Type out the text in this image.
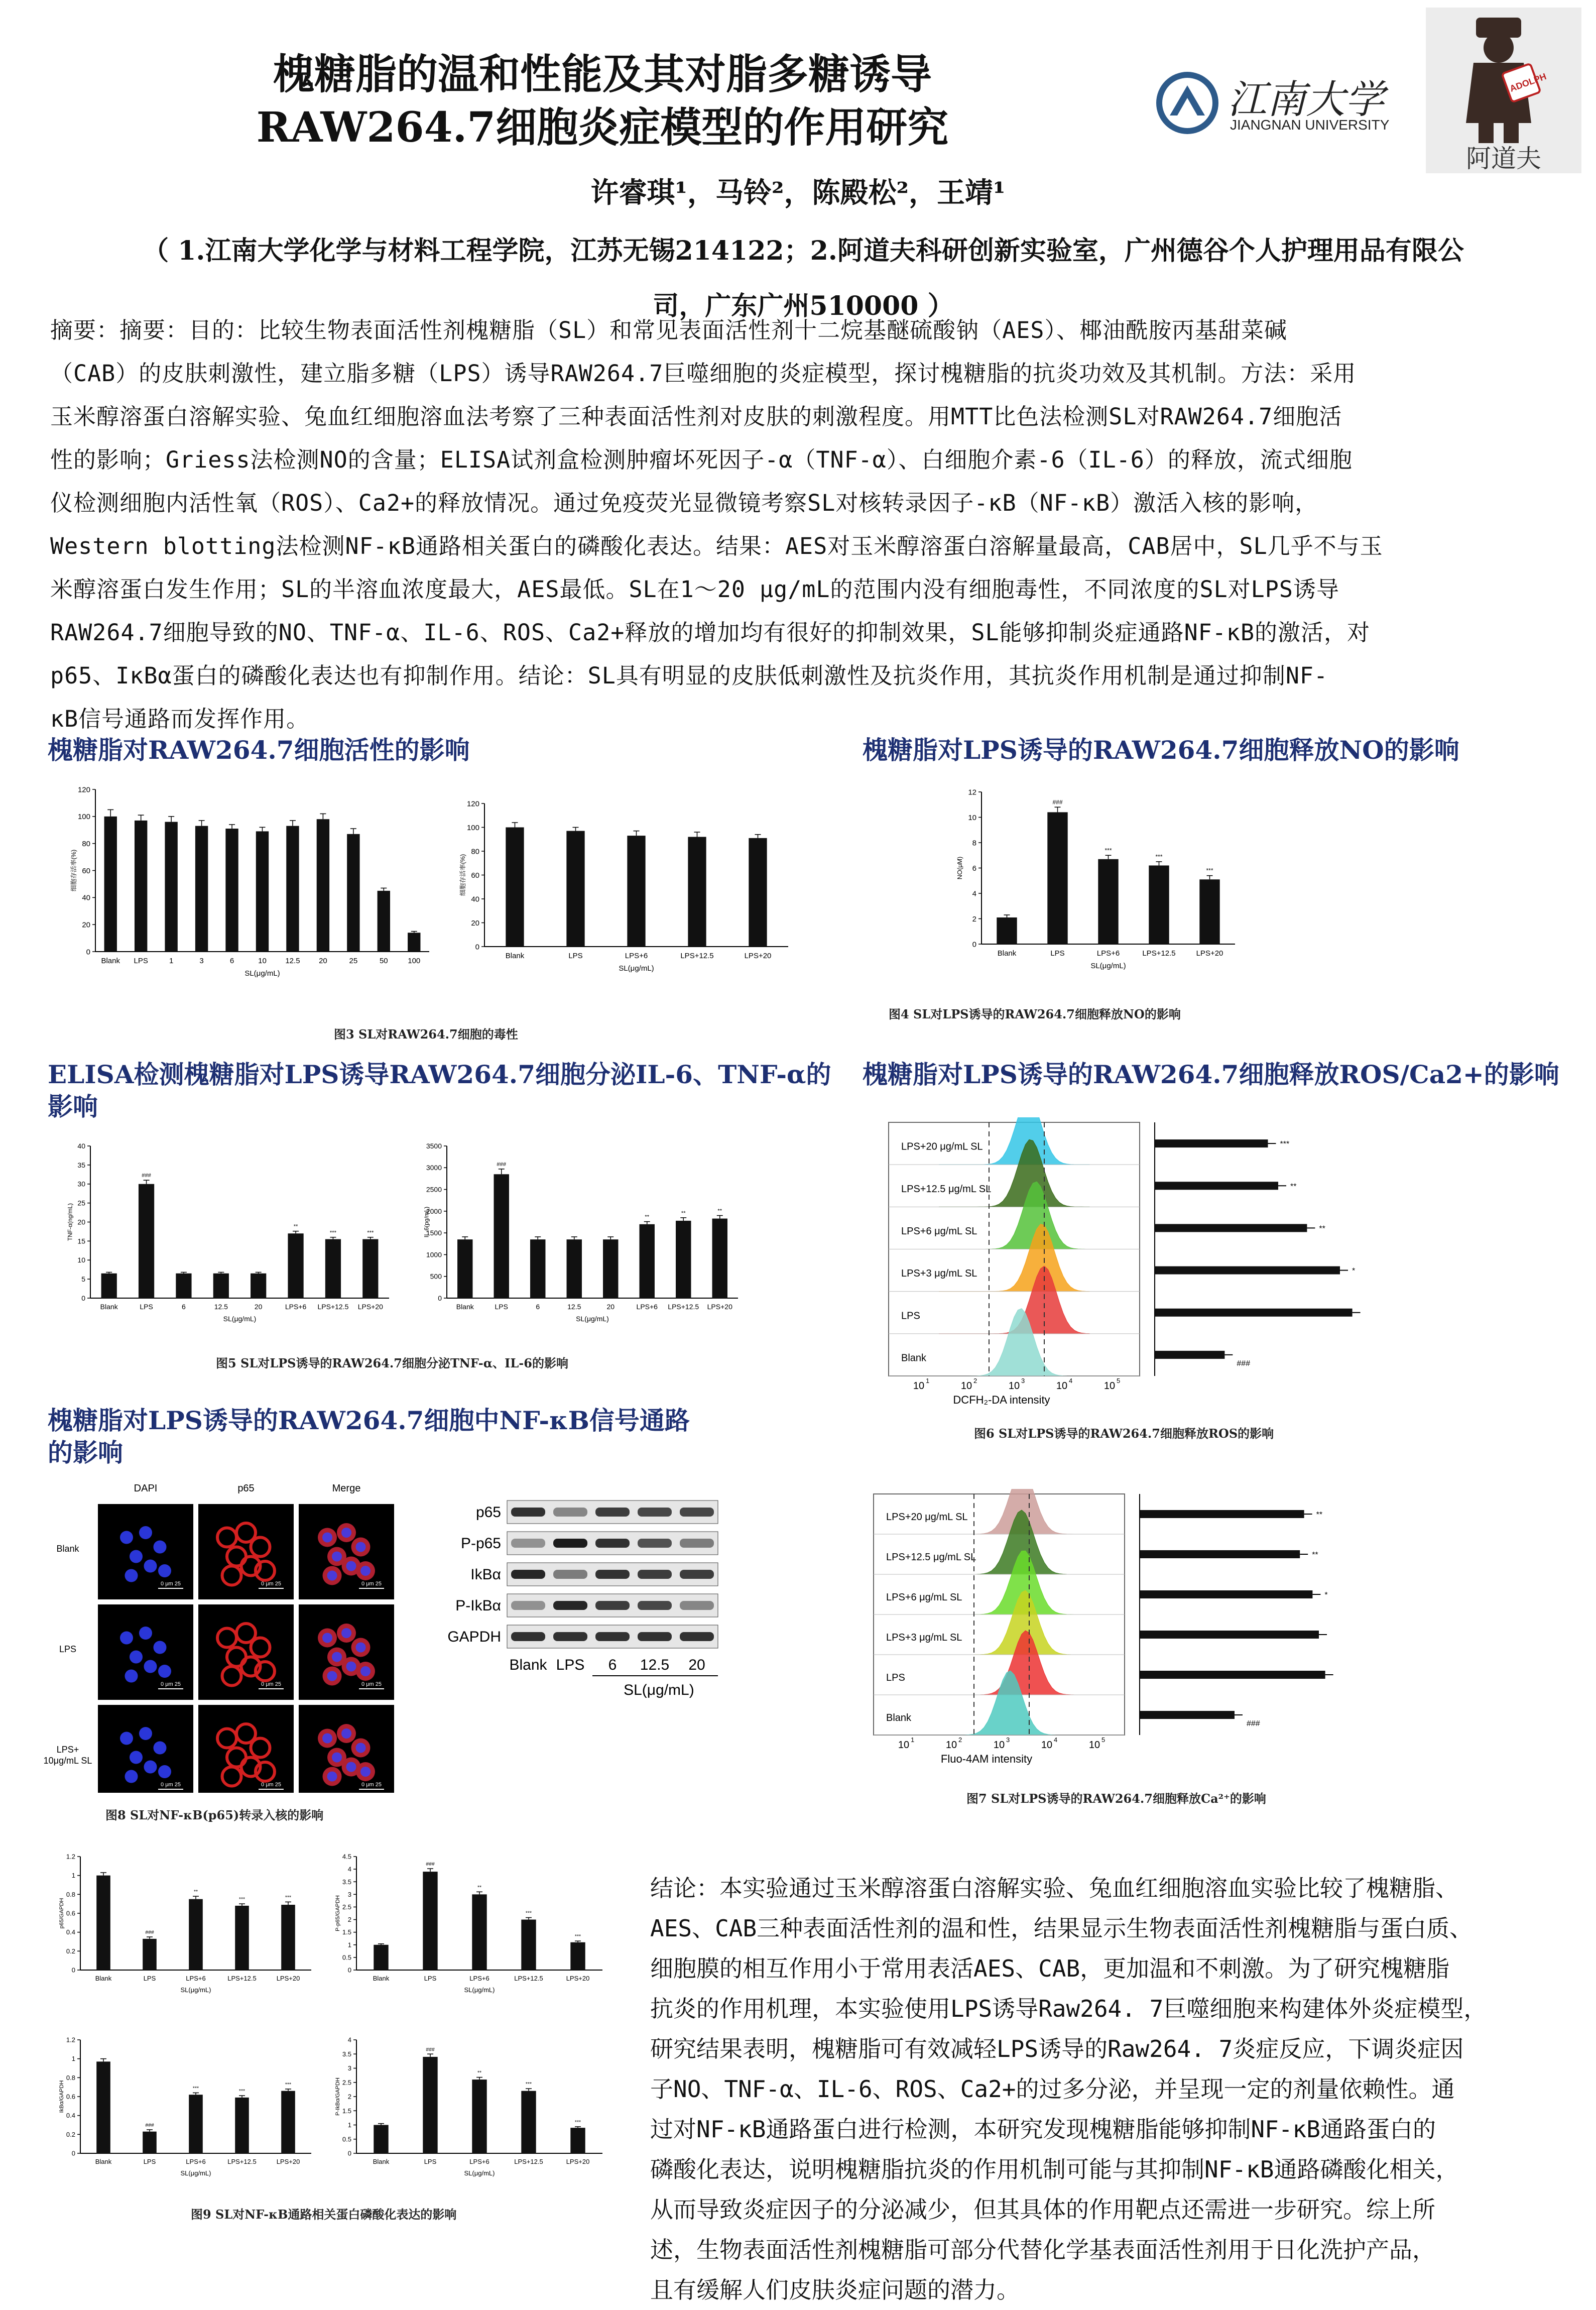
槐糖脂的温和性能及其对脂多糖诱导
RAW264.7细胞炎症模型的作用研究
江南大学
JIANGNAN UNIVERSITY
ADOLPH
阿道夫
许睿琪¹，马铃²，陈殿松²，王靖¹
（ 1.江南大学化学与材料工程学院，江苏无锡214122；2.阿道夫科研创新实验室，广州德谷个人护理用品有限公
司，广东广州510000 ）
摘要：摘要：目的：比较生物表面活性剂槐糖脂（SL）和常见表面活性剂十二烷基醚硫酸钠（AES）、椰油酰胺丙基甜菜碱
（CAB）的皮肤刺激性，建立脂多糖（LPS）诱导RAW264.7巨噬细胞的炎症模型，探讨槐糖脂的抗炎功效及其机制。方法：采用
玉米醇溶蛋白溶解实验、兔血红细胞溶血法考察了三种表面活性剂对皮肤的刺激程度。用MTT比色法检测SL对RAW264.7细胞活
性的影响；Griess法检测NO的含量；ELISA试剂盒检测肿瘤坏死因子-α（TNF-α）、白细胞介素-6（IL-6）的释放，流式细胞
仪检测细胞内活性氧（ROS）、Ca2+的释放情况。通过免疫荧光显微镜考察SL对核转录因子-κB（NF-κB）激活入核的影响，
Western blotting法检测NF-κB通路相关蛋白的磷酸化表达。结果：AES对玉米醇溶蛋白溶解量最高，CAB居中，SL几乎不与玉
米醇溶蛋白发生作用；SL的半溶血浓度最大，AES最低。SL在1～20 μg/mL的范围内没有细胞毒性，不同浓度的SL对LPS诱导
RAW264.7细胞导致的NO、TNF-α、IL-6、ROS、Ca2+释放的增加均有很好的抑制效果，SL能够抑制炎症通路NF-κB的激活，对
p65、IκBα蛋白的磷酸化表达也有抑制作用。结论：SL具有明显的皮肤低刺激性及抗炎作用，其抗炎作用机制是通过抑制NF-
κB信号通路而发挥作用。
槐糖脂对RAW264.7细胞活性的影响	槐糖脂对LPS诱导的RAW264.7细胞释放NO的影响
ELISA检测槐糖脂对LPS诱导RAW264.7细胞分泌IL-6、TNF-α的
影响
槐糖脂对LPS诱导的RAW264.7细胞释放ROS/Ca2+的影响
槐糖脂对LPS诱导的RAW264.7细胞中NF-κB信号通路
的影响
0
20
40
60
80
100
120
Blank LPS	1	3	6	10	12.5	20	25	50	100
SL(μg/mL)
细胞存活率(%)
0
20
40
60
80
100
120
Blank	LPS	LPS+6	LPS+12.5	LPS+20
SL(μg/mL)
细胞存活率(%)
图3 SL对RAW264.7细胞的毒性
0
2
4
6
8
10
12
Blank
###
LPS
***
LPS+6
***
LPS+12.5
***
LPS+20
SL(μg/mL)
NO(μM)
图4 SL对LPS诱导的RAW264.7细胞释放NO的影响
0
5
10
15
20
25
30
35
40
Blank
###
LPS	6	12.5	20
**
LPS+6
***
LPS+12.5
***
LPS+20
SL(μg/mL)
TNF-α(ng/mL)
0
500
1000
1500
2000
2500
3000
3500
Blank
###
LPS	6	12.5	20
**
LPS+6
**
LPS+12.5
**
LPS+20
SL(μg/mL)
IL-6(pg/mL)
图5 SL对LPS诱导的RAW264.7细胞分泌TNF-α、IL-6的影响
LPS+20 μg/mL SL	***
LPS+12.5 μg/mL SL	**
LPS+6 μg/mL SL	**
LPS+3 μg/mL SL	*
LPS
Blank	###
10 1	10 2	10 3	10 4	10 5
DCFH₂-DA intensity
图6 SL对LPS诱导的RAW264.7细胞释放ROS的影响
LPS+20 μg/mL SL	**
LPS+12.5 μg/mL SL	**
LPS+6 μg/mL SL	*
LPS+3 μg/mL SL
LPS
Blank
###
10 1	10 2	10 3	10 4	10 5
Fluo-4AM intensity
图7 SL对LPS诱导的RAW264.7细胞释放Ca²⁺的影响
DAPI	p65	Merge
Blank
0 μm 25	0 μm 25	0 μm 25
LPS
0 μm 25	0 μm 25	0 μm 25
LPS+
10μg/mL SL
0 μm 25	0 μm 25	0 μm 25
图8 SL对NF-κB(p65)转录入核的影响
p65
P-p65
IkBα
P-IkBα
GAPDH
Blank LPS 6 12.5 20
SL(μg/mL)
0
0.2
0.4
0.6
0.8
1
1.2
Blank
###
LPS
**
LPS+6
***
LPS+12.5
***
LPS+20
SL(μg/mL)
p65/GAPDH
0
0.5
1
1.5
2
2.5
3
3.5
4
4.5
Blank
###
LPS
**
LPS+6
***
LPS+12.5
***
LPS+20
SL(μg/mL)
P-p65/GAPDH
0
0.2
0.4
0.6
0.8
1
1.2
Blank
###
LPS
***
LPS+6
***
LPS+12.5
***
LPS+20
SL(μg/mL)
IkBα/GAPDH
0
0.5
1
1.5
2
2.5
3
3.5
4
Blank
###
LPS
**
LPS+6
***
LPS+12.5
***
LPS+20
SL(μg/mL)
P-IkBα/GAPDH
图9 SL对NF-κB通路相关蛋白磷酸化表达的影响
结论：本实验通过玉米醇溶蛋白溶解实验、兔血红细胞溶血实验比较了槐糖脂、
AES、CAB三种表面活性剂的温和性，结果显示生物表面活性剂槐糖脂与蛋白质、
细胞膜的相互作用小于常用表活AES、CAB，更加温和不刺激。为了研究槐糖脂
抗炎的作用机理，本实验使用LPS诱导Raw264. 7巨噬细胞来构建体外炎症模型，
研究结果表明，槐糖脂可有效减轻LPS诱导的Raw264. 7炎症反应，下调炎症因
子NO、TNF-α、IL-6、ROS、Ca2+的过多分泌，并呈现一定的剂量依赖性。通
过对NF-κB通路蛋白进行检测，本研究发现槐糖脂能够抑制NF-κB通路蛋白的
磷酸化表达，说明槐糖脂抗炎的作用机制可能与其抑制NF-κB通路磷酸化相关，
从而导致炎症因子的分泌减少，但其具体的作用靶点还需进一步研究。综上所
述，生物表面活性剂槐糖脂可部分代替化学基表面活性剂用于日化洗护产品，
且有缓解人们皮肤炎症问题的潜力。
